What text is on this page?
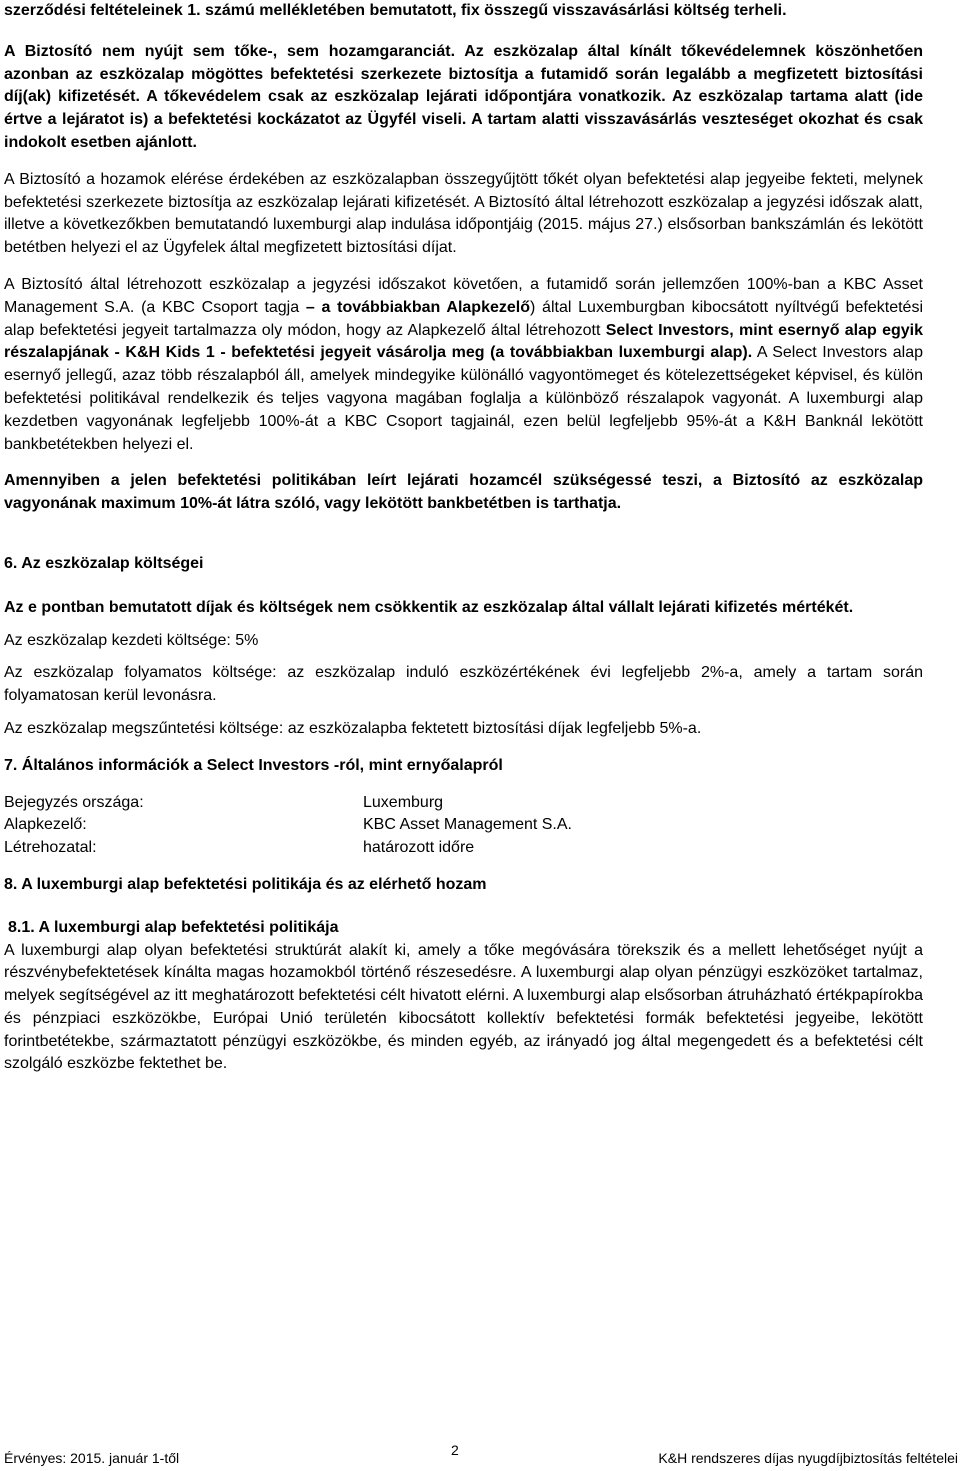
szerződési feltételeinek 1. számú mellékletében bemutatott, fix összegű visszavásárlási költség terheli.

A Biztosító nem nyújt sem tőke-, sem hozamgaranciát. Az eszközalap által kínált tőkevédelemnek köszönhetően azonban az eszközalap mögöttes befektetési szerkezete biztosítja a futamidő során legalább a megfizetett biztosítási díj(ak) kifizetését. A tőkevédelem csak az eszközalap lejárati időpontjára vonatkozik. Az eszközalap tartama alatt (ide értve a lejáratot is) a befektetési kockázatot az Ügyfél viseli. A tartam alatti visszavásárlás veszteséget okozhat és csak indokolt esetben ajánlott.

A Biztosító a hozamok elérése érdekében az eszközalapban összegyűjtött tőkét olyan befektetési alap jegyeibe fekteti, melynek befektetési szerkezete biztosítja az eszközalap lejárati kifizetését. A Biztosító által létrehozott eszközalap a jegyzési időszak alatt, illetve a következőkben bemutatandó luxemburgi alap indulása időpontjáig (2015. május 27.) elsősorban bankszámlán és lekötött betétben helyezi el az Ügyfelek által megfizetett biztosítási díjat.

A Biztosító által létrehozott eszközalap a jegyzési időszakot követően, a futamidő során jellemzően 100%-ban a KBC Asset Management S.A. (a KBC Csoport tagja – a továbbiakban Alapkezelő) által Luxemburgban kibocsátott nyíltvégű befektetési alap befektetési jegyeit tartalmazza oly módon, hogy az Alapkezelő által létrehozott Select Investors, mint esernyő alap egyik részalapjának - K&H Kids 1 - befektetési jegyeit vásárolja meg (a továbbiakban luxemburgi alap). A Select Investors alap esernyő jellegű, azaz több részalapból áll, amelyek mindegyike különálló vagyontömeget és kötelezettségeket képvisel, és külön befektetési politikával rendelkezik és teljes vagyona magában foglalja a különböző részalapok vagyonát. A luxemburgi alap kezdetben vagyonának legfeljebb 100%-át a KBC Csoport tagjainál, ezen belül legfeljebb 95%-át a K&H Banknál lekötött bankbetétekben helyezi el.

Amennyiben a jelen befektetési politikában leírt lejárati hozamcél szükségessé teszi, a Biztosító az eszközalap vagyonának maximum 10%-át látra szóló, vagy lekötött bankbetétben is tarthatja.

6. Az eszközalap költségei

Az e pontban bemutatott díjak és költségek nem csökkentik az eszközalap által vállalt lejárati kifizetés mértékét.

Az eszközalap kezdeti költsége: 5%

Az eszközalap folyamatos költsége: az eszközalap induló eszközértékének évi legfeljebb 2%-a, amely a tartam során folyamatosan kerül levonásra.

Az eszközalap megszűntetési költsége: az eszközalapba fektetett biztosítási díjak legfeljebb 5%-a.

7. Általános információk a Select Investors -ról, mint ernyőalapról
Bejegyzés országa:	Luxemburg
Alapkezelő:	KBC Asset Management S.A.
Létrehozatal:	határozott időre
8. A luxemburgi alap befektetési politikája és az elérhető hozam
8.1. A luxemburgi alap befektetési politikája

A luxemburgi alap olyan befektetési struktúrát alakít ki, amely a tőke megóvására törekszik és a mellett lehetőséget nyújt a részvénybefektetések kínálta magas hozamokból történő részesedésre. A luxemburgi alap olyan pénzügyi eszközöket tartalmaz, melyek segítségével az itt meghatározott befektetési célt hivatott elérni. A luxemburgi alap elsősorban átruházható értékpapírokba és pénzpiaci eszközökbe, Európai Unió területén kibocsátott kollektív befektetési formák befektetési jegyeibe, lekötött forintbetétekbe, származtatott pénzügyi eszközökbe, és minden egyéb, az irányadó jog által megengedett és a befektetési célt szolgáló eszközbe fektethet be.

Érvényes: 2015. január 1-től	2	K&H rendszeres díjas nyugdíjbiztosítás feltételei
